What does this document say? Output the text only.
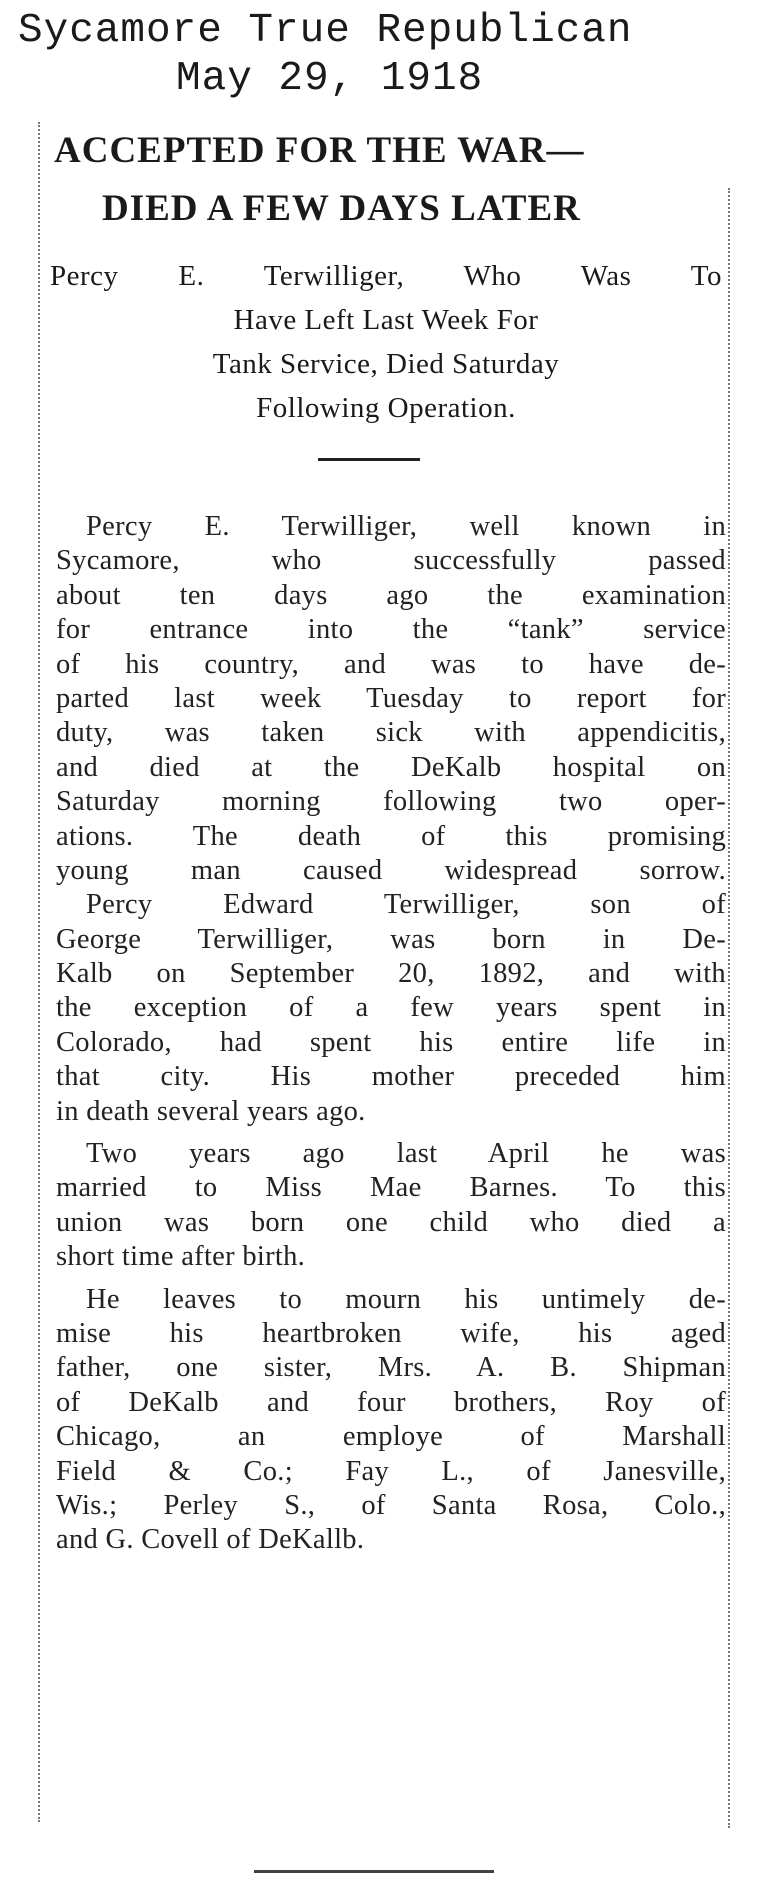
Sycamore True Republican
May 29, 1918
ACCEPTED FOR THE WAR—
DIED A FEW DAYS LATER
Percy E. Terwilliger, Who Was To
Have Left Last Week For
Tank Service, Died Saturday
Following Operation.
Percy E. Terwilliger, well known in
Sycamore, who successfully passed
about ten days ago the examination
for entrance into the “tank” service
of his country, and was to have de-
parted last week Tuesday to report for
duty, was taken sick with appendicitis,
and died at the DeKalb hospital on
Saturday morning following two oper-
ations. The death of this promising
young man caused widespread sorrow.
Percy Edward Terwilliger, son of
George Terwilliger, was born in De-
Kalb on September 20, 1892, and with
the exception of a few years spent in
Colorado, had spent his entire life in
that city. His mother preceded him
in death several years ago.
Two years ago last April he was
married to Miss Mae Barnes. To this
union was born one child who died a
short time after birth.
He leaves to mourn his untimely de-
mise his heartbroken wife, his aged
father, one sister, Mrs. A. B. Shipman
of DeKalb and four brothers, Roy of
Chicago, an employe of Marshall
Field & Co.; Fay L., of Janesville,
Wis.; Perley S., of Santa Rosa, Colo.,
and G. Covell of DeKallb.
